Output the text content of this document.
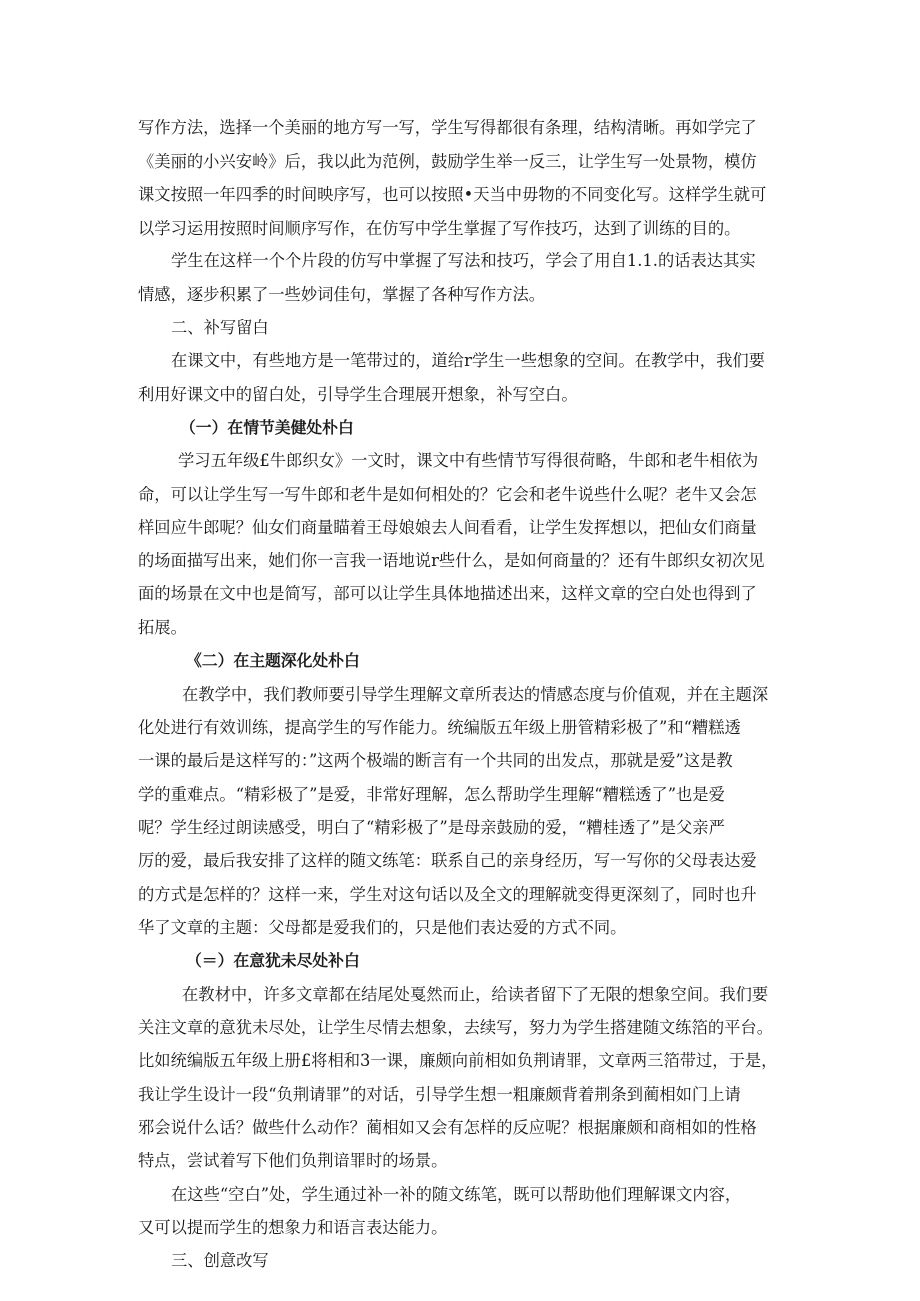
写作方法，选择一个美丽的地方写一写，学生写得都很有条理，结构清晰。再如学完了
《美丽的小兴安岭》后，我以此为范例，鼓励学生举一反三，让学生写一处景物，模仿
课文按照一年四季的时间映序写，也可以按照•天当中毋物的不同变化写。这样学生就可
以学习运用按照时间顺序写作，在仿写中学生掌握了写作技巧，达到了训练的目的。
学生在这样一个个片段的仿写中掌握了写法和技巧，学会了用自1.1.的话表达其实
情感，逐步积累了一些妙词佳句，掌握了各种写作方法。
二、补写留白
在课文中，有些地方是一笔带过的，道给r学生一些想象的空间。在教学中，我们要
利用好课文中的留白处，引导学生合理展开想象，补写空白。
（一）在情节美健处朴白
学习五年级£牛郎织女》一文时，课文中有些情节写得很荷略，牛郎和老牛相依为
命，可以让学生写一写牛郎和老牛是如何相处的？它会和老牛说些什么呢？老牛又会怎
样回应牛郎呢？仙女们商量瞄着王母娘娘去人间看看，让学生发挥想以，把仙女们商量
的场面描写出来，她们你一言我一语地说r些什么，是如何商量的？还有牛郎织女初次见
面的场景在文中也是简写，部可以让学生具体地描述出来，这样文章的空白处也得到了
拓展。
《二）在主题深化处朴白
在教学中，我们教师要引导学生理解文章所表达的情感态度与价值观，并在主题深
化处进行有效训练，提高学生的写作能力。统编版五年级上册管精彩极了”和“糟糕透
一课的最后是这样写的：”这两个极端的断言有一个共同的出发点，那就是爱”这是教
学的重难点。“精彩极了”是爱，非常好理解，怎么帮助学生理解“糟糕透了”也是爱
呢？学生经过朗读感受，明白了“精彩极了”是母亲鼓励的爱，“糟桂透了”是父亲严
厉的爱，最后我安排了这样的随文练笔：联系自己的亲身经历，写一写你的父母表达爱
的方式是怎样的？这样一来，学生对这句话以及全文的理解就变得更深刻了，同时也升
华了文章的主题：父母都是爱我们的，只是他们表达爱的方式不同。
（＝）在意犹未尽处补白
在教材中，许多文章都在结尾处戛然而止，给读者留下了无限的想象空间。我们要
关注文章的意犹未尽处，让学生尽情去想象，去续写，努力为学生搭建随文练箔的平台。
比如统编版五年级上册£将相和3一课，廉颇向前相如负荆请罪，文章两三箔带过，于是，
我让学生设计一段“负荆请罪”的对话，引导学生想一粗廉颇背着荆条到蔺相如门上请
邪会说什么话？做些什么动作？蔺相如又会有怎样的反应呢？根据廉颇和商相如的性格
特点，尝试着写下他们负荆谙罪时的场景。
在这些“空白”处，学生通过补一补的随文练笔，既可以帮助他们理解课文内容，
又可以提而学生的想象力和语言表达能力。
三、创意改写
